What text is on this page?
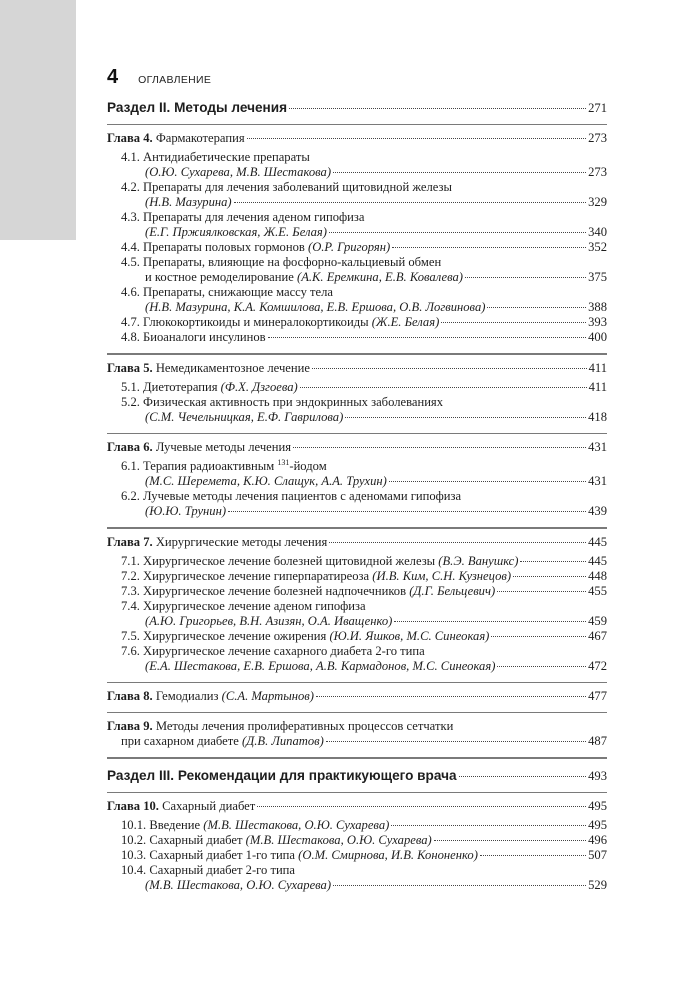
4 ОГЛАВЛЕНИЕ
Раздел II. Методы лечения	271
Глава 4. Фармакотерапия	273
4.1. Антидиабетические препараты
(О.Ю. Сухарева, М.В. Шестакова)	273
4.2. Препараты для лечения заболеваний щитовидной железы
(Н.В. Мазурина)	329
4.3. Препараты для лечения аденом гипофиза
(Е.Г. Пржиялковская, Ж.Е. Белая)	340
4.4. Препараты половых гормонов (О.Р. Григорян)	352
4.5. Препараты, влияющие на фосфорно-кальциевый обмен
и костное ремоделирование (А.К. Еремкина, Е.В. Ковалева)	375
4.6. Препараты, снижающие массу тела
(Н.В. Мазурина, К.А. Комшилова, Е.В. Ершова, О.В. Логвинова)	388
4.7. Глюкокортикоиды и минералокортикоиды (Ж.Е. Белая)	393
4.8. Биоаналоги инсулинов	400
Глава 5. Немедикаментозное лечение	411
5.1. Диетотерапия (Ф.Х. Дзгоева)	411
5.2. Физическая активность при эндокринных заболеваниях
(С.М. Чечельницкая, Е.Ф. Гаврилова)	418
Глава 6. Лучевые методы лечения	431
6.1. Терапия радиоактивным $^{131}$-йодом
(М.С. Шеремета, К.Ю. Слащук, А.А. Трухин)	431
6.2. Лучевые методы лечения пациентов с аденомами гипофиза
(Ю.Ю. Трунин)	439
Глава 7. Хирургические методы лечения	445
7.1. Хирургическое лечение болезней щитовидной железы (В.Э. Ванушкс)	445
7.2. Хирургическое лечение гиперпаратиреоза (И.В. Ким, С.Н. Кузнецов)	448
7.3. Хирургическое лечение болезней надпочечников (Д.Г. Бельцевич)	455
7.4. Хирургическое лечение аденом гипофиза
(А.Ю. Григорьев, В.Н. Азизян, О.А. Иващенко)	459
7.5. Хирургическое лечение ожирения (Ю.И. Яшков, М.С. Синеокая)	467
7.6. Хирургическое лечение сахарного диабета 2-го типа
(Е.А. Шестакова, Е.В. Ершова, А.В. Кармадонов, М.С. Синеокая)	472
Глава 8. Гемодиализ (С.А. Мартынов)	477
Глава 9. Методы лечения пролиферативных процессов сетчатки
при сахарном диабете (Д.В. Липатов)	487
Раздел III. Рекомендации для практикующего врача	493
Глава 10. Сахарный диабет	495
10.1. Введение (М.В. Шестакова, О.Ю. Сухарева)	495
10.2. Сахарный диабет (М.В. Шестакова, О.Ю. Сухарева)	496
10.3. Сахарный диабет 1-го типа (О.М. Смирнова, И.В. Кононенко)	507
10.4. Сахарный диабет 2-го типа
(М.В. Шестакова, О.Ю. Сухарева)	529
